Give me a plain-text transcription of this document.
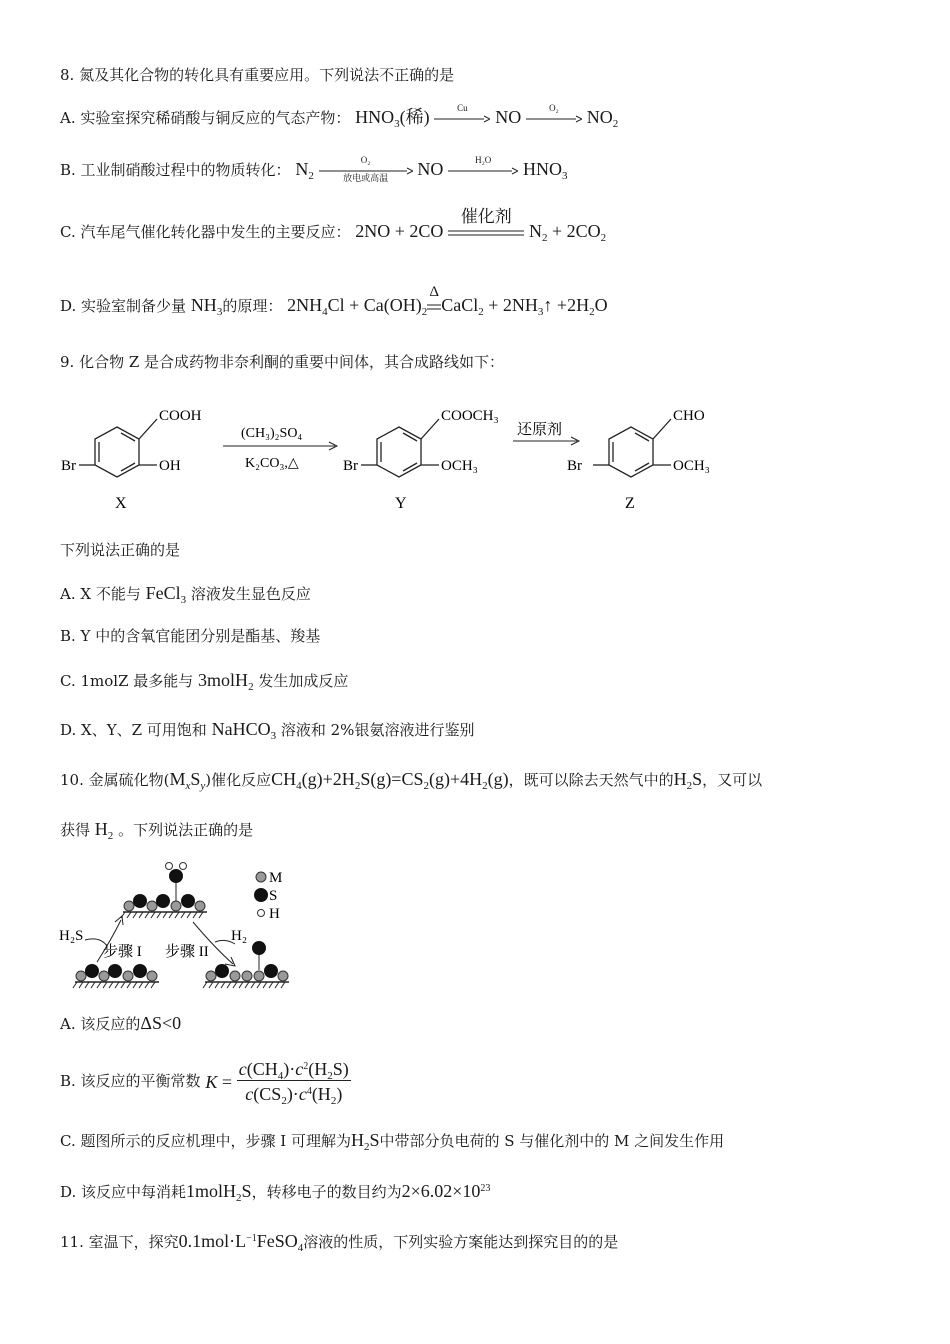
8. 氮及其化合物的转化具有重要应用。下列说法不正确的是
A. 实验室探究稀硝酸与铜反应的气态产物： $HNO_3$(稀)	Cu	NO	O₂	$NO_2$
B. 工业制硝酸过程中的物质转化： $N_2$
O₂
放电或高温	NO	H₂O	$HNO_3$
C. 汽车尾气催化转化器中发生的主要反应： 2NO + 2CO
催化剂
$N_2 + 2CO_2$
D. 实验室制备少量 $NH_3$的原理： $2NH_4Cl + Ca(OH)_2$
Δ
CaCl$_2$ + $2NH_3↑ +2H_2O$
9. 化合物 Z 是合成药物非奈利酮的重要中间体，其合成路线如下：
COOH
OH
Br
X
(CH₃)₂SO₄
K₂CO₃,△
COOCH₃
OCH₃
Br
Y
还原剂
CHO
OCH₃
Br
Z
下列说法正确的是
A. X 不能与 FeCl$_3$ 溶液发生显色反应
B. Y 中的含氧官能团分别是酯基、羧基
C. 1molZ 最多能与 3molH$_2$ 发生加成反应
D. X、Y、Z 可用饱和 NaHCO$_3$ 溶液和 2%银氨溶液进行鉴别
10. 金属硫化物$(M_xS_y)$催化反应$CH_4(g)+2H_2S(g)=CS_2(g)+4H_2(g)$，既可以除去天然气中的$H_2S$，又可以
获得 $H_2$ 。下列说法正确的是
H₂S	H₂
步骤 I 步骤 II
M
S
H
A. 该反应的ΔS<0
B. 该反应的平衡常数 $K = \frac{c(CH_4)\cdot c^2(H_2S)}{c(CS_2)\cdot c^4(H_2)}$
C. 题图所示的反应机理中，步骤 I 可理解为$H_2S$中带部分负电荷的 S 与催化剂中的 M 之间发生作用
D. 该反应中每消耗1molH$_2$S，转移电子的数目约为$2\times 6.02\times 10^{23}$
11. 室温下，探究$0.1mol\cdot L^{-1}FeSO_4$溶液的性质，下列实验方案能达到探究目的的是
